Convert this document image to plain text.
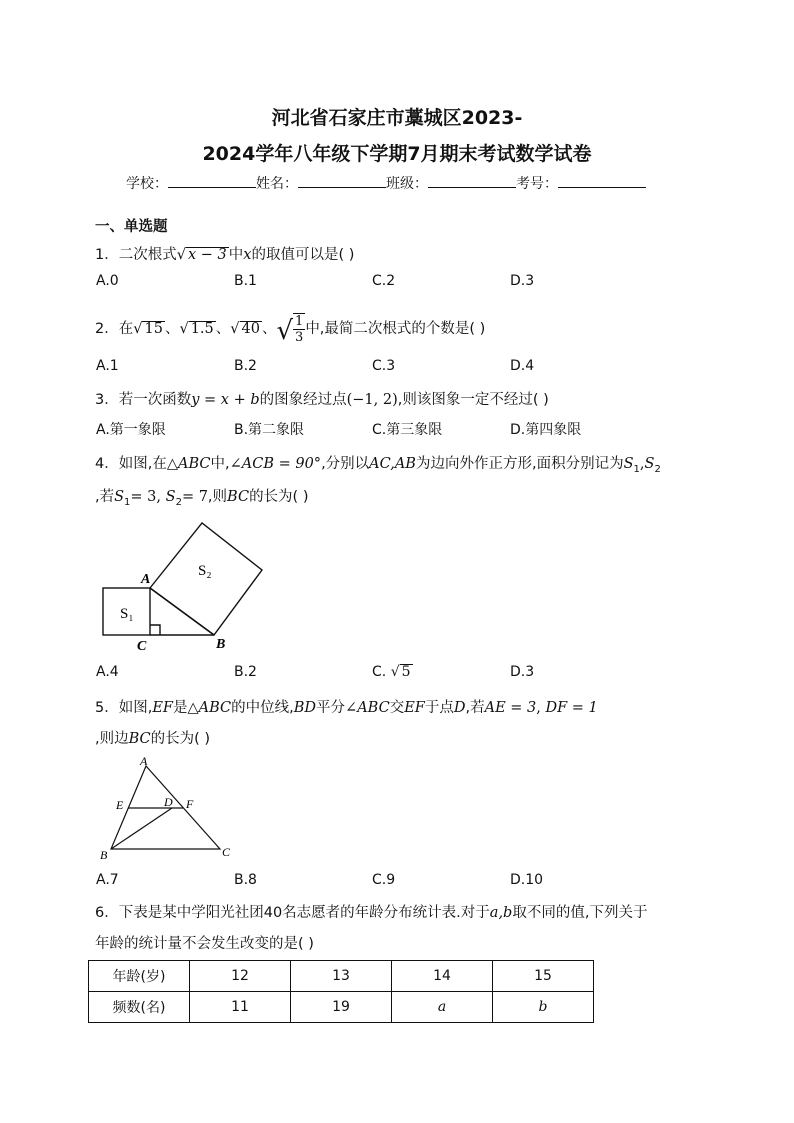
河北省石家庄市藁城区2023-
2024学年八年级下学期7月期末考试数学试卷
学校：	姓名：	班级：	考号：
一、单选题
1．二次根式√ x − 3 中x的取值可以是( )
A.0	B.1	C.2	D.3
2．在√ 15 、√ 1.5 、√ 40 、√ $\frac{1}{3}$ 中,最简二次根式的个数是( )
A.1	B.2	C.3	D.4
3．若一次函数y = x + b的图象经过点(−1, 2),则该图象一定不经过( )
A.第一象限	B.第二象限	C.第三象限	D.第四象限
4．如图,在△ABC中,∠ACB = 90°,分别以AC,AB为边向外作正方形,面积分别记为$S_1,S_2$
,若$S_1= 3$, $S_2= 7$,则BC的长为( )
S₁
S₂
A
C	B
A.4	B.2	C. √ 5	D.3
5．如图,EF是△ABC的中位线,BD平分∠ABC交EF于点D,若AE = 3, DF = 1
,则边BC的长为( )
A
E	D F
B	C
A.7	B.8	C.9	D.10
6．下表是某中学阳光社团40名志愿者的年龄分布统计表.对于a,b取不同的值,下列关于
年龄的统计量不会发生改变的是( )
年龄(岁)	12	13	14	15
频数(名)	11	19	a	b
